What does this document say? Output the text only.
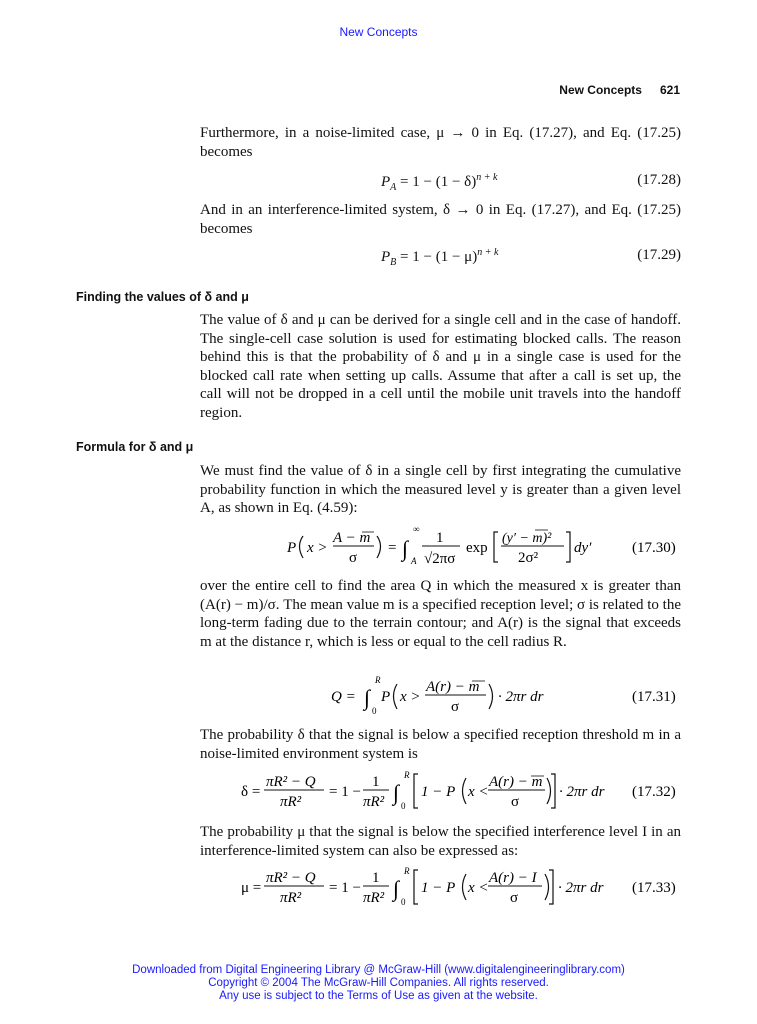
New Concepts
New Concepts 621
Furthermore, in a noise-limited case, μ → 0 in Eq. (17.27), and Eq. (17.25) becomes
$P_A = 1 - (1 - \delta)^{n + k}$	(17.28)
And in an interference-limited system, δ → 0 in Eq. (17.27), and Eq. (17.25) becomes
$P_B = 1 - (1 - \mu)^{n + k}$	(17.29)
Finding the values of δ and μ
The value of δ and μ can be derived for a single cell and in the case of handoff. The single-cell case solution is used for estimating blocked calls. The reason behind this is that the probability of δ and μ in a single case is used for the blocked call rate when setting up calls. Assume that after a call is set up, the call will not be dropped in a cell until the mobile unit travels into the handoff region.
Formula for δ and μ
We must find the value of δ in a single cell by first integrating the cumulative probability function in which the measured level y is greater than a given level A, as shown in Eq. (4.59):
P x >
A − m
σ
= ∫
∞
A
1
√2πσ
exp
(y′ − m)²
2σ²
dy′	(17.30)
over the entire cell to find the area Q in which the measured x is greater than (A(r) − m)/σ. The mean value m is a specified reception level; σ is related to the long-term fading due to the terrain contour; and A(r) is the signal that exceeds m at the distance r, which is less or equal to the cell radius R.
Q = ∫
R
0
P x >
A(r) − m
σ
· 2πr dr	(17.31)
The probability δ that the signal is below a specified reception threshold m in a noise-limited environment system is
δ =
πR² − Q
πR²
= 1 −
1
πR² ∫
R
0
1 − P x <
A(r) − m
σ
· 2πr dr (17.32)
The probability μ that the signal is below the specified interference level I in an interference-limited system can also be expressed as:
μ =
πR² − Q
πR²
= 1 −
1
πR² ∫
R
0
1 − P x <
A(r) − I
σ
· 2πr dr (17.33)
Downloaded from Digital Engineering Library @ McGraw-Hill (www.digitalengineeringlibrary.com)
Copyright © 2004 The McGraw-Hill Companies. All rights reserved.
Any use is subject to the Terms of Use as given at the website.
